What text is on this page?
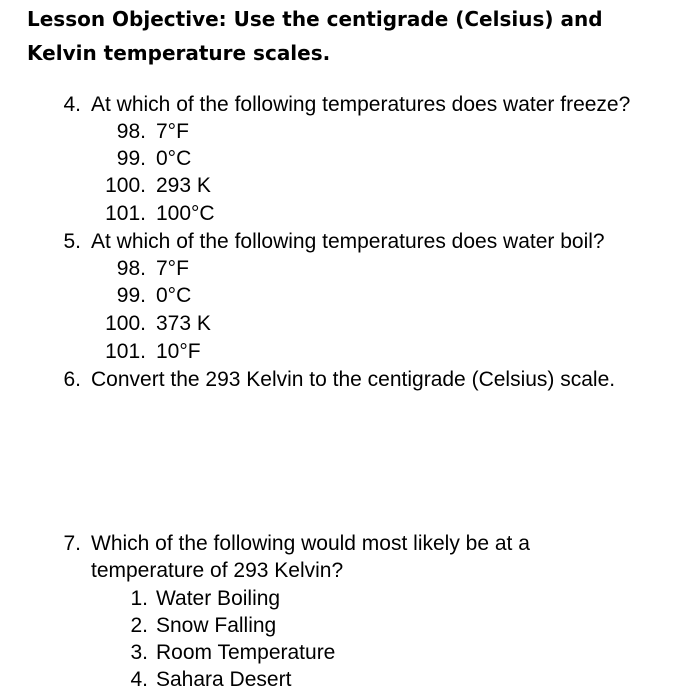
Lesson Objective: Use the centigrade (Celsius) and
Kelvin temperature scales.
4. At which of the following temperatures does water freeze?
98. 7°F
99. 0°C
100. 293 K
101. 100°C
5. At which of the following temperatures does water boil?
98. 7°F
99. 0°C
100. 373 K
101. 10°F
6. Convert the 293 Kelvin to the centigrade (Celsius) scale.
7. Which of the following would most likely be at a
temperature of 293 Kelvin?
1. Water Boiling
2. Snow Falling
3. Room Temperature
4. Sahara Desert
